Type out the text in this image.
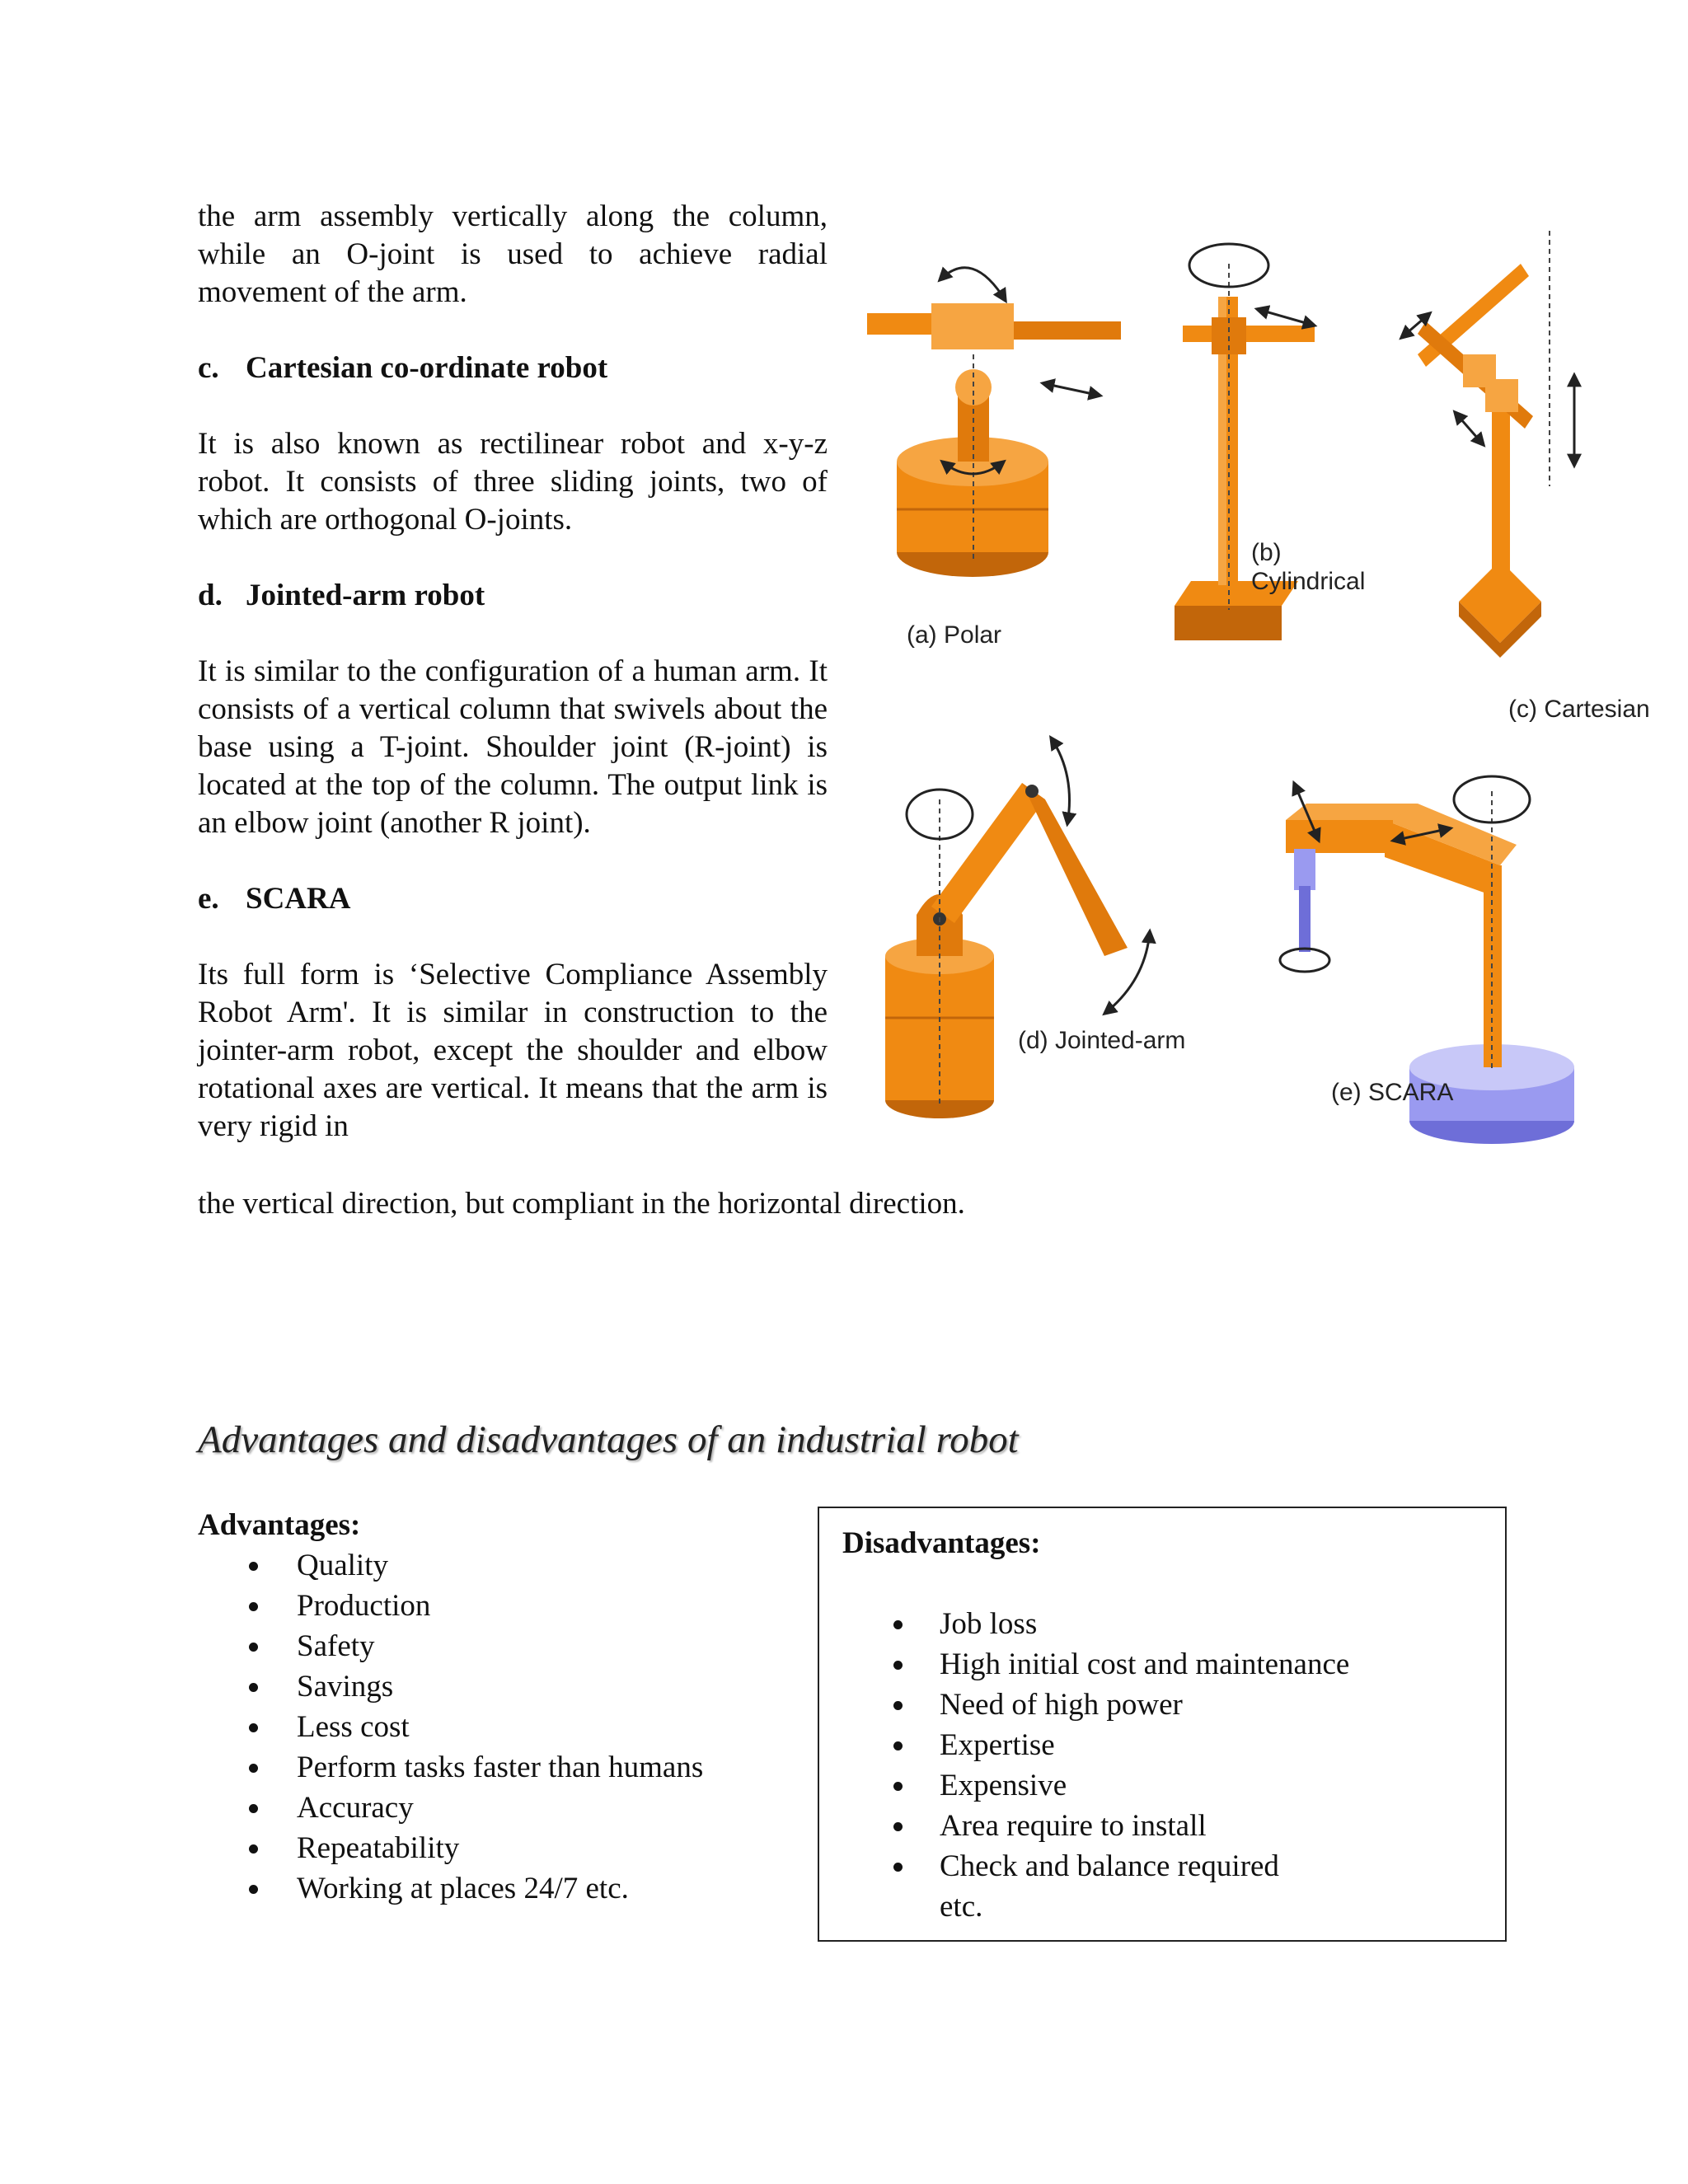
the arm assembly vertically along the column, while an O-joint is used to achieve radial movement of the arm.

c. Cartesian co-ordinate robot

It is also known as rectilinear robot and x-y-z robot. It consists of three sliding joints, two of which are orthogonal O-joints.

d. Jointed-arm robot

It is similar to the configuration of a human arm. It consists of a vertical column that swivels about the base using a T-joint. Shoulder joint (R-joint) is located at the top of the column. The output link is an elbow joint (another R joint).

e. SCARA

Its full form is ‘Selective Compliance Assembly Robot Arm'. It is similar in construction to the jointer-arm robot, except the shoulder and elbow rotational axes are vertical. It means that the arm is very rigid in

the vertical direction, but compliant in the horizontal direction.
(a) Polar
(b)
Cylindrical
(c) Cartesian
(d) Jointed-arm
(e) SCARA
Advantages and disadvantages of an industrial robot
Advantages:
Quality
Production
Safety
Savings
Less cost
Perform tasks faster than humans
Accuracy
Repeatability
Working at places 24/7 etc.
Disadvantages:
Job loss
High initial cost and maintenance
Need of high power
Expertise
Expensive
Area require to install
Check and balance required
etc.
